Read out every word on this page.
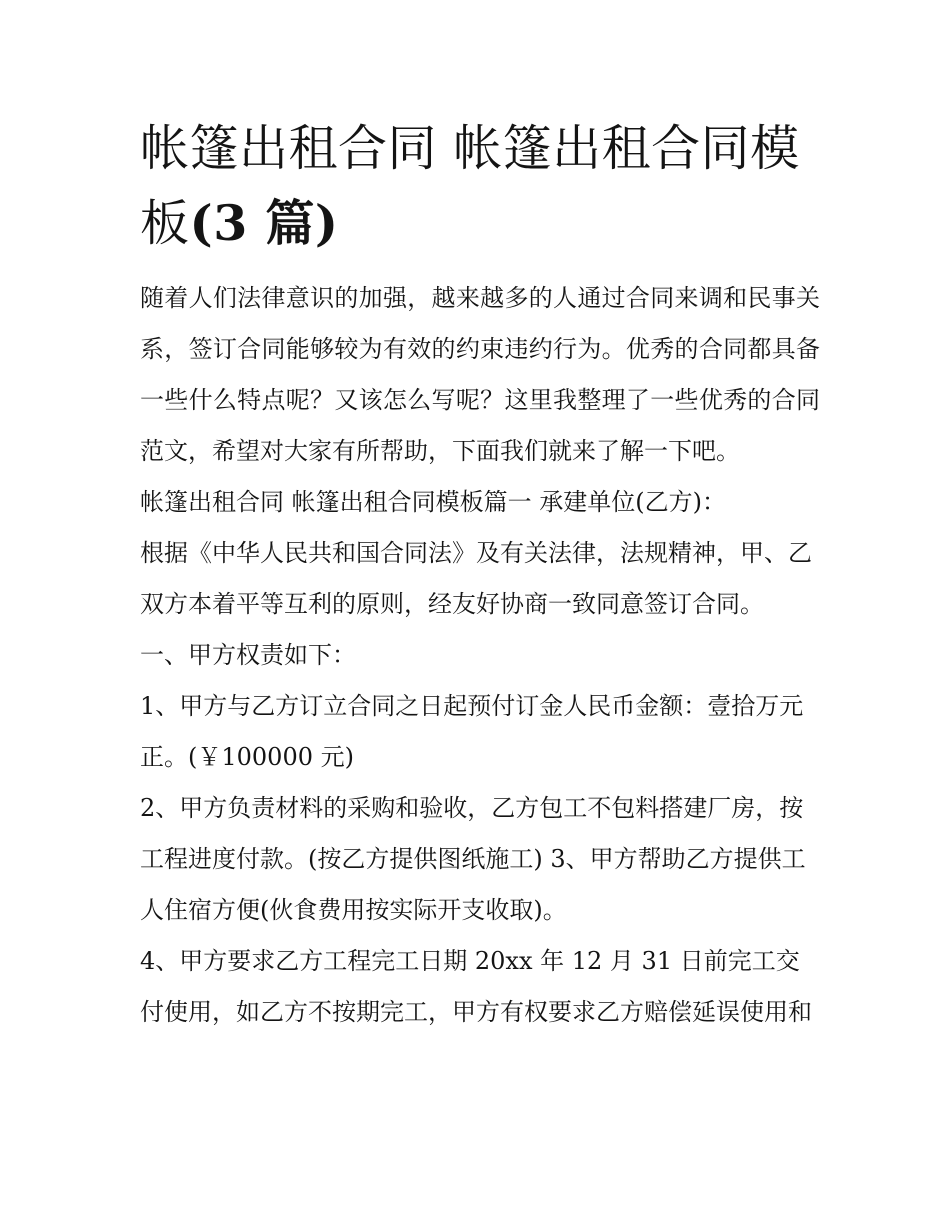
帐篷出租合同 帐篷出租合同模
板(3 篇)

随着人们法律意识的加强，越来越多的人通过合同来调和民事关系，签订合同能够较为有效的约束违约行为。优秀的合同都具备一些什么特点呢？又该怎么写呢？这里我整理了一些优秀的合同范文，希望对大家有所帮助，下面我们就来了解一下吧。

帐篷出租合同 帐篷出租合同模板篇一 承建单位(乙方)：

根据《中华人民共和国合同法》及有关法律，法规精神，甲、乙双方本着平等互利的原则，经友好协商一致同意签订合同。

一、甲方权责如下：

1、甲方与乙方订立合同之日起预付订金人民币金额：壹拾万元正。(￥100000 元)

2、甲方负责材料的采购和验收，乙方包工不包料搭建厂房，按工程进度付款。(按乙方提供图纸施工) 3、甲方帮助乙方提供工人住宿方便(伙食费用按实际开支收取)。

4、甲方要求乙方工程完工日期 20xx 年 12 月 31 日前完工交付使用，如乙方不按期完工，甲方有权要求乙方赔偿延误使用和
